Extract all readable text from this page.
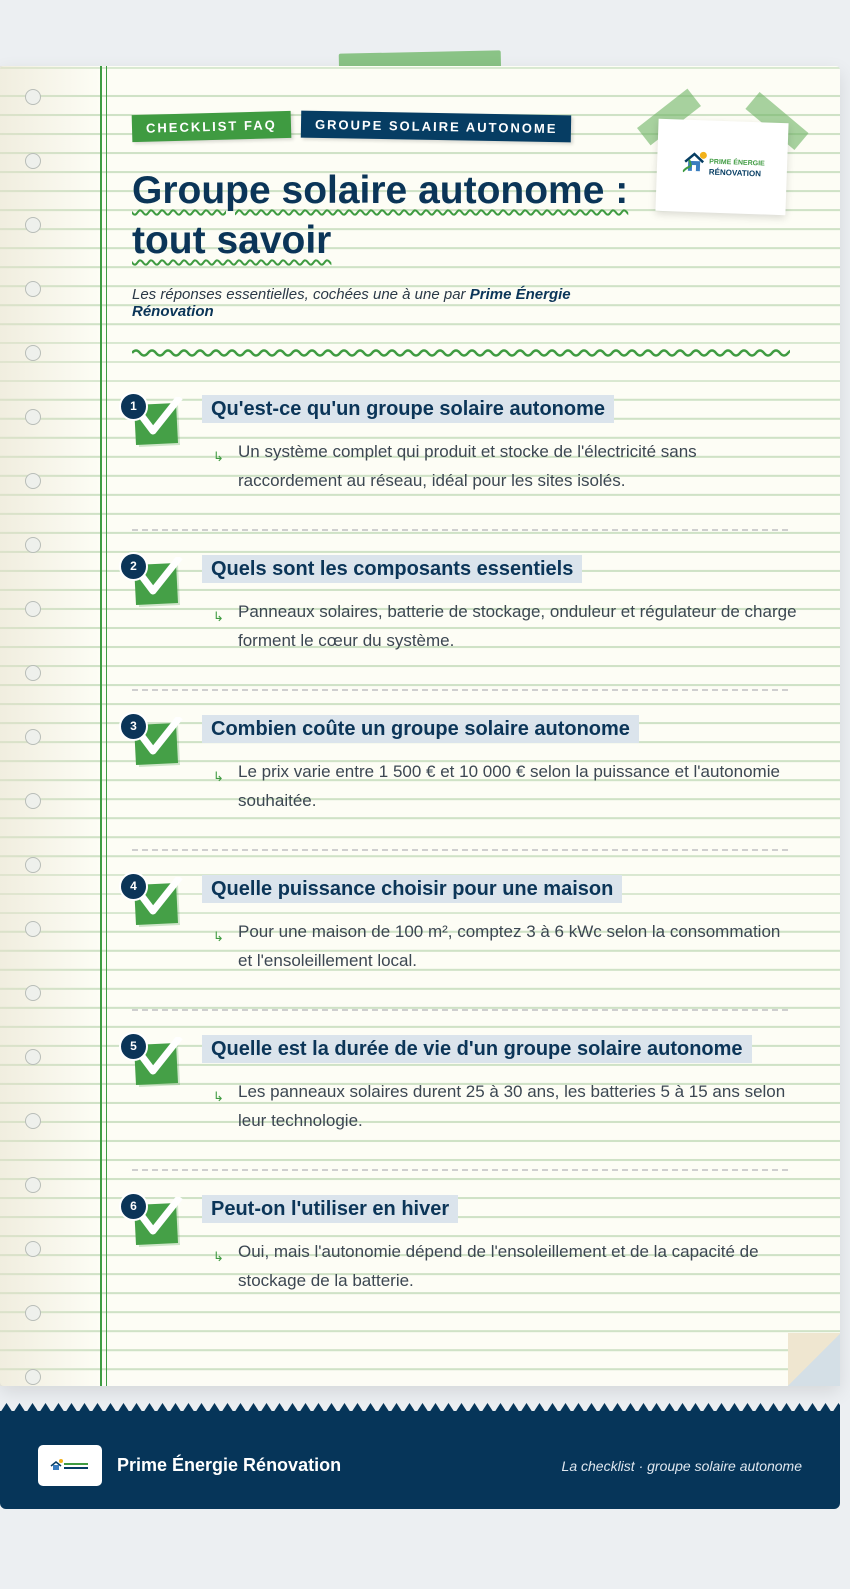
CHECKLIST FAQ	GROUPE SOLAIRE AUTONOME
PRIME ÉNERGIE
RÉNOVATION
Groupe solaire autonome :
tout savoir
Les réponses essentielles, cochées une à une par Prime Énergie Rénovation
1	Qu'est-ce qu'un groupe solaire autonome
↳ Un système complet qui produit et stocke de l'électricité sans raccordement au réseau, idéal pour les sites isolés.
2	Quels sont les composants essentiels
↳ Panneaux solaires, batterie de stockage, onduleur et régulateur de charge forment le cœur du système.
3	Combien coûte un groupe solaire autonome
↳ Le prix varie entre 1 500 € et 10 000 € selon la puissance et l'autonomie souhaitée.
4	Quelle puissance choisir pour une maison
↳ Pour une maison de 100 m², comptez 3 à 6 kWc selon la consommation et l'ensoleillement local.
5	Quelle est la durée de vie d'un groupe solaire autonome
↳ Les panneaux solaires durent 25 à 30 ans, les batteries 5 à 15 ans selon leur technologie.
6	Peut-on l'utiliser en hiver
↳ Oui, mais l'autonomie dépend de l'ensoleillement et de la capacité de stockage de la batterie.
Prime Énergie Rénovation	La checklist · groupe solaire autonome
